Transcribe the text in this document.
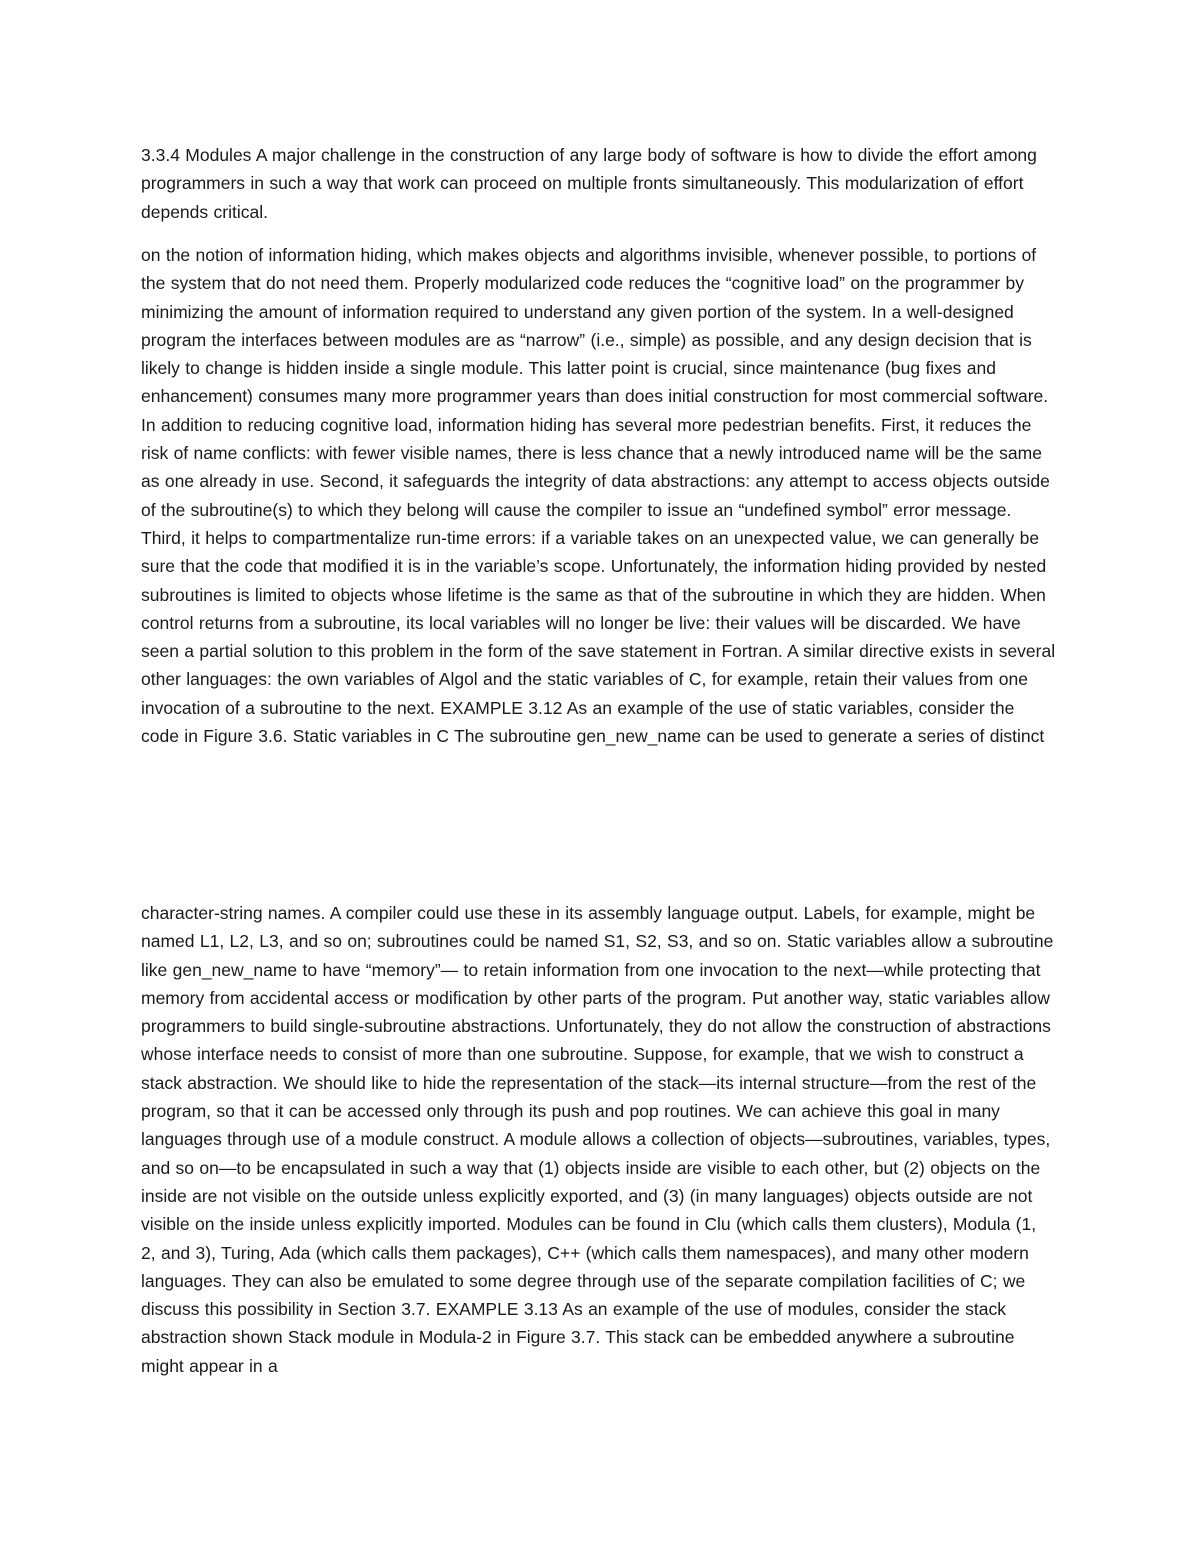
3.3.4 Modules A major challenge in the construction of any large body of software is how to divide the effort among programmers in such a way that work can proceed on multiple fronts simultaneously. This modularization of effort depends critical.

on the notion of information hiding, which makes objects and algorithms invisible, whenever possible, to portions of the system that do not need them. Properly modularized code reduces the “cognitive load” on the programmer by minimizing the amount of information required to understand any given portion of the system. In a well-designed program the interfaces between modules are as “narrow” (i.e., simple) as possible, and any design decision that is likely to change is hidden inside a single module. This latter point is crucial, since maintenance (bug fixes and enhancement) consumes many more programmer years than does initial construction for most commercial software. In addition to reducing cognitive load, information hiding has several more pedestrian benefits. First, it reduces the risk of name conflicts: with fewer visible names, there is less chance that a newly introduced name will be the same as one already in use. Second, it safeguards the integrity of data abstractions: any attempt to access objects outside of the subroutine(s) to which they belong will cause the compiler to issue an “undefined symbol” error message. Third, it helps to compartmentalize run-time errors: if a variable takes on an unexpected value, we can generally be sure that the code that modified it is in the variable’s scope. Unfortunately, the information hiding provided by nested subroutines is limited to objects whose lifetime is the same as that of the subroutine in which they are hidden. When control returns from a subroutine, its local variables will no longer be live: their values will be discarded. We have seen a partial solution to this problem in the form of the save statement in Fortran. A similar directive exists in several other languages: the own variables of Algol and the static variables of C, for example, retain their values from one invocation of a subroutine to the next. EXAMPLE 3.12 As an example of the use of static variables, consider the code in Figure 3.6. Static variables in C The subroutine gen_new_name can be used to generate a series of distinct

character-string names. A compiler could use these in its assembly language output. Labels, for example, might be named L1, L2, L3, and so on; subroutines could be named S1, S2, S3, and so on. Static variables allow a subroutine like gen_new_name to have “memory”— to retain information from one invocation to the next—while protecting that memory from accidental access or modification by other parts of the program. Put another way, static variables allow programmers to build single-subroutine abstractions. Unfortunately, they do not allow the construction of abstractions whose interface needs to consist of more than one subroutine. Suppose, for example, that we wish to construct a stack abstraction. We should like to hide the representation of the stack—its internal structure—from the rest of the program, so that it can be accessed only through its push and pop routines. We can achieve this goal in many languages through use of a module construct. A module allows a collection of objects—subroutines, variables, types, and so on—to be encapsulated in such a way that (1) objects inside are visible to each other, but (2) objects on the inside are not visible on the outside unless explicitly exported, and (3) (in many languages) objects outside are not visible on the inside unless explicitly imported. Modules can be found in Clu (which calls them clusters), Modula (1, 2, and 3), Turing, Ada (which calls them packages), C++ (which calls them namespaces), and many other modern languages. They can also be emulated to some degree through use of the separate compilation facilities of C; we discuss this possibility in Section 3.7. EXAMPLE 3.13 As an example of the use of modules, consider the stack abstraction shown Stack module in Modula-2 in Figure 3.7. This stack can be embedded anywhere a subroutine might appear in a
